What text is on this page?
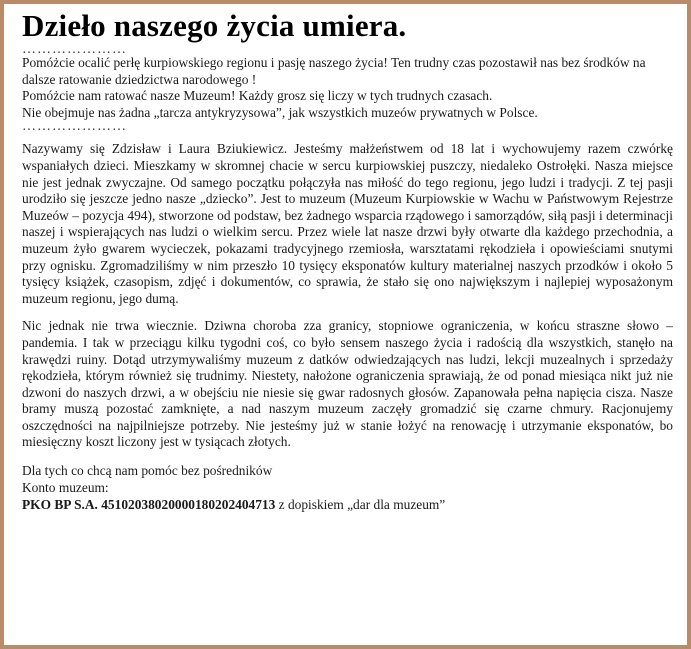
Dzieło naszego życia umiera.
…………………

Pomóżcie ocalić perłę kurpiowskiego regionu i pasję naszego życia! Ten trudny czas pozostawił nas bez środków na dalsze ratowanie dziedzictwa narodowego !

Pomóżcie nam ratować nasze Muzeum! Każdy grosz się liczy w tych trudnych czasach.

Nie obejmuje nas żadna „tarcza antykryzysowa”, jak wszystkich muzeów prywatnych w Polsce.

…………………

Nazywamy się Zdzisław i Laura Bziukiewicz. Jesteśmy małżeństwem od 18 lat i wychowujemy razem czwórkę wspaniałych dzieci. Mieszkamy w skromnej chacie w sercu kurpiowskiej puszczy, niedaleko Ostrołęki. Nasza miejsce nie jest jednak zwyczajne. Od samego początku połączyła nas miłość do tego regionu, jego ludzi i tradycji. Z tej pasji urodziło się jeszcze jedno nasze „dziecko”. Jest to muzeum (Muzeum Kurpiowskie w Wachu w Państwowym Rejestrze Muzeów – pozycja 494), stworzone od podstaw, bez żadnego wsparcia rządowego i samorządów, siłą pasji i determinacji naszej i wspierających nas ludzi o wielkim sercu. Przez wiele lat nasze drzwi były otwarte dla każdego przechodnia, a muzeum żyło gwarem wycieczek, pokazami tradycyjnego rzemiosła, warsztatami rękodzieła i opowieściami snutymi przy ognisku. Zgromadziliśmy w nim przeszło 10 tysięcy eksponatów kultury materialnej naszych przodków i około 5 tysięcy książek, czasopism, zdjęć i dokumentów, co sprawia, że stało się ono największym i najlepiej wyposażonym muzeum regionu, jego dumą.

Nic jednak nie trwa wiecznie. Dziwna choroba zza granicy, stopniowe ograniczenia, w końcu straszne słowo – pandemia. I tak w przeciągu kilku tygodni coś, co było sensem naszego życia i radością dla wszystkich, stanęło na krawędzi ruiny. Dotąd utrzymywaliśmy muzeum z datków odwiedzających nas ludzi, lekcji muzealnych i sprzedaży rękodzieła, którym również się trudnimy. Niestety, nałożone ograniczenia sprawiają, że od ponad miesiąca nikt już nie dzwoni do naszych drzwi, a w obejściu nie niesie się gwar radosnych głosów. Zapanowała pełna napięcia cisza. Nasze bramy muszą pozostać zamknięte, a nad naszym muzeum zaczęły gromadzić się czarne chmury. Racjonujemy oszczędności na najpilniejsze potrzeby. Nie jesteśmy już w stanie łożyć na renowację i utrzymanie eksponatów, bo miesięczny koszt liczony jest w tysiącach złotych.

Dla tych co chcą nam pomóc bez pośredników

Konto muzeum:

PKO BP S.A. 45102038020000180202404713 z dopiskiem „dar dla muzeum”
